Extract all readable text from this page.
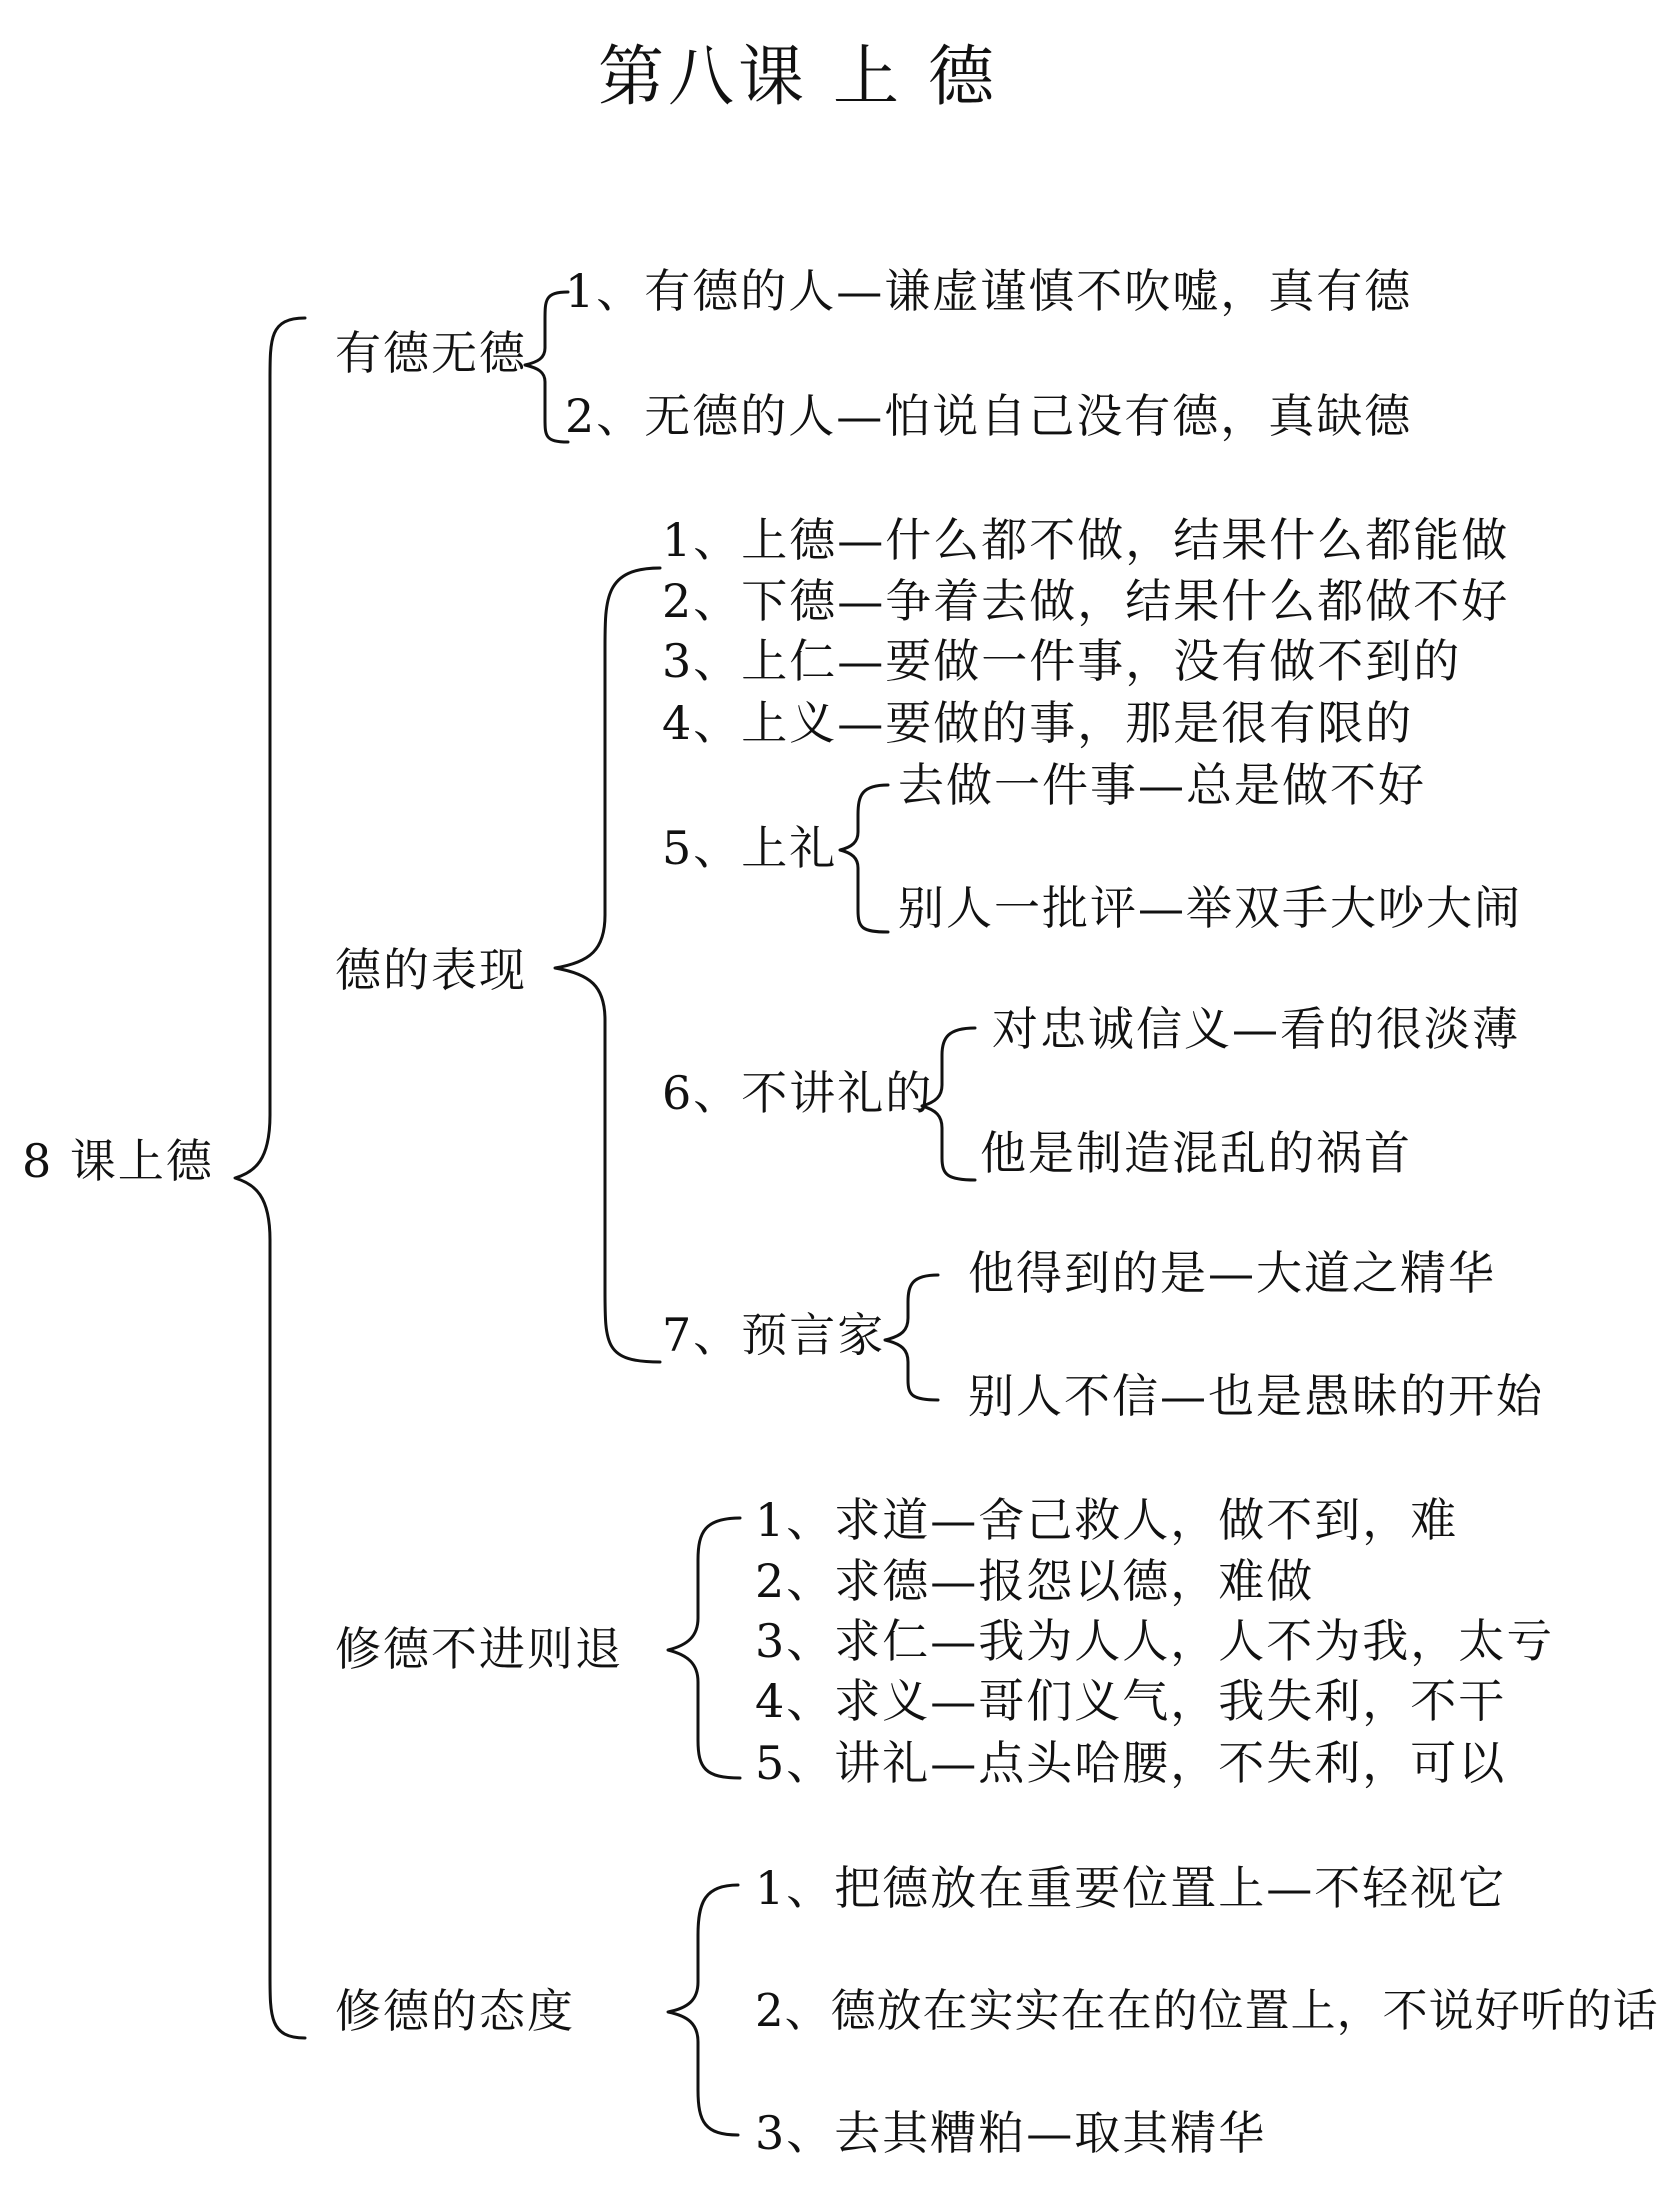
第八课 上 德
8 课上德
有德无德
1、有德的人—谦虚谨慎不吹嘘，真有德
2、无德的人—怕说自己没有德，真缺德
德的表现
1、上德—什么都不做，结果什么都能做
2、下德—争着去做，结果什么都做不好
3、上仁—要做一件事，没有做不到的
4、上义—要做的事，那是很有限的
5、上礼
去做一件事—总是做不好
别人一批评—举双手大吵大闹
6、不讲礼的
对忠诚信义—看的很淡薄
他是制造混乱的祸首
7、预言家
他得到的是—大道之精华
别人不信—也是愚昧的开始
修德不进则退
1、求道—舍己救人，做不到，难
2、求德—报怨以德，难做
3、求仁—我为人人，人不为我，太亏
4、求义—哥们义气，我失利，不干
5、讲礼—点头哈腰，不失利，可以
修德的态度
1、把德放在重要位置上—不轻视它
2、德放在实实在在的位置上，不说好听的话
3、去其糟粕—取其精华
